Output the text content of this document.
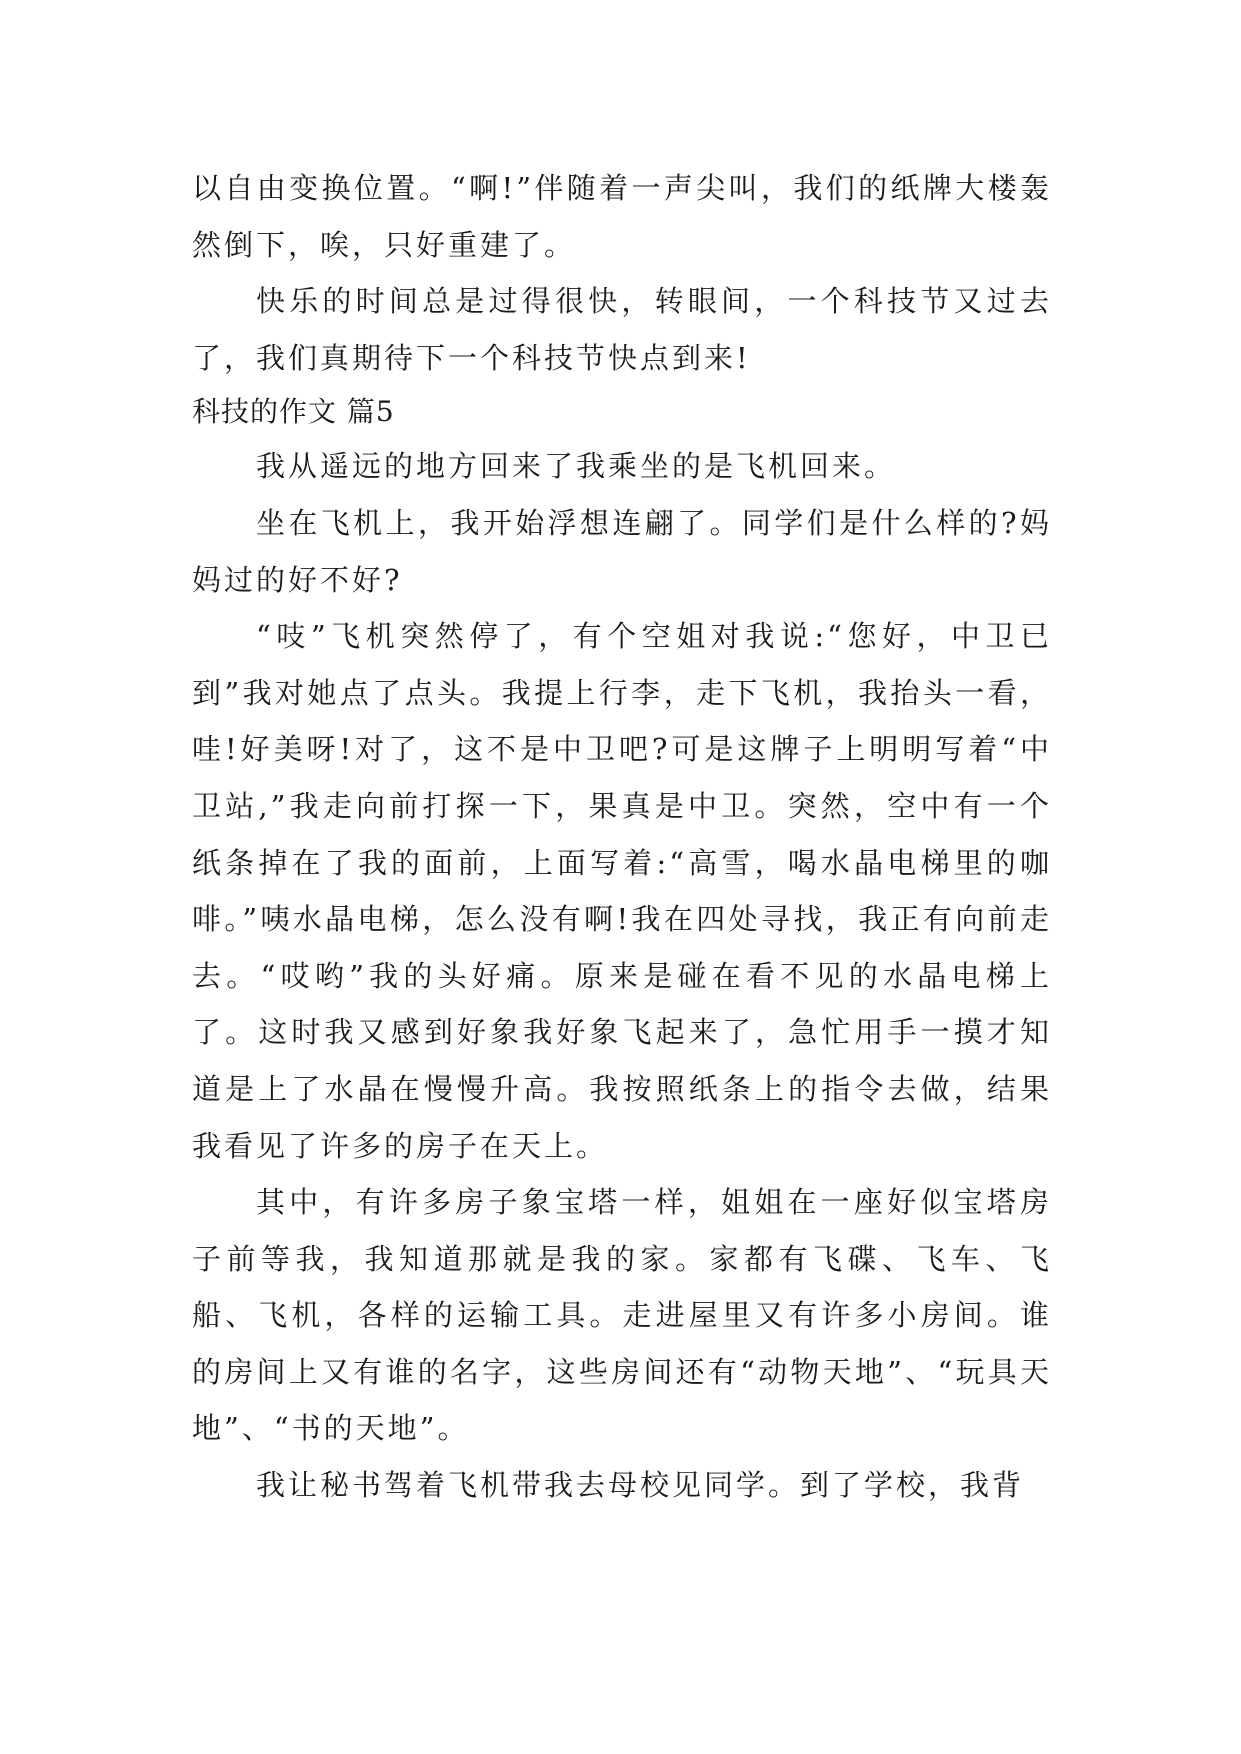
以自由变换位置。“啊!”伴随着一声尖叫，我们的纸牌大楼轰然倒下，唉，只好重建了。

快乐的时间总是过得很快，转眼间，一个科技节又过去了，我们真期待下一个科技节快点到来!

科技的作文 篇5

我从遥远的地方回来了我乘坐的是飞机回来。

坐在飞机上，我开始浮想连翩了。同学们是什么样的?妈妈过的好不好?

“吱”飞机突然停了，有个空姐对我说:“您好，中卫已到”我对她点了点头。我提上行李，走下飞机，我抬头一看，哇!好美呀!对了，这不是中卫吧?可是这牌子上明明写着“中卫站,”我走向前打探一下，果真是中卫。突然，空中有一个纸条掉在了我的面前，上面写着:“高雪，喝水晶电梯里的咖啡。”咦水晶电梯，怎么没有啊!我在四处寻找，我正有向前走去。“哎哟”我的头好痛。原来是碰在看不见的水晶电梯上了。这时我又感到好象我好象飞起来了，急忙用手一摸才知道是上了水晶在慢慢升高。我按照纸条上的指令去做，结果我看见了许多的房子在天上。

其中，有许多房子象宝塔一样，姐姐在一座好似宝塔房子前等我，我知道那就是我的家。家都有飞碟、飞车、飞船、飞机，各样的运输工具。走进屋里又有许多小房间。谁的房间上又有谁的名字，这些房间还有“动物天地”、“玩具天地”、“书的天地”。

我让秘书驾着飞机带我去母校见同学。到了学校，我背
